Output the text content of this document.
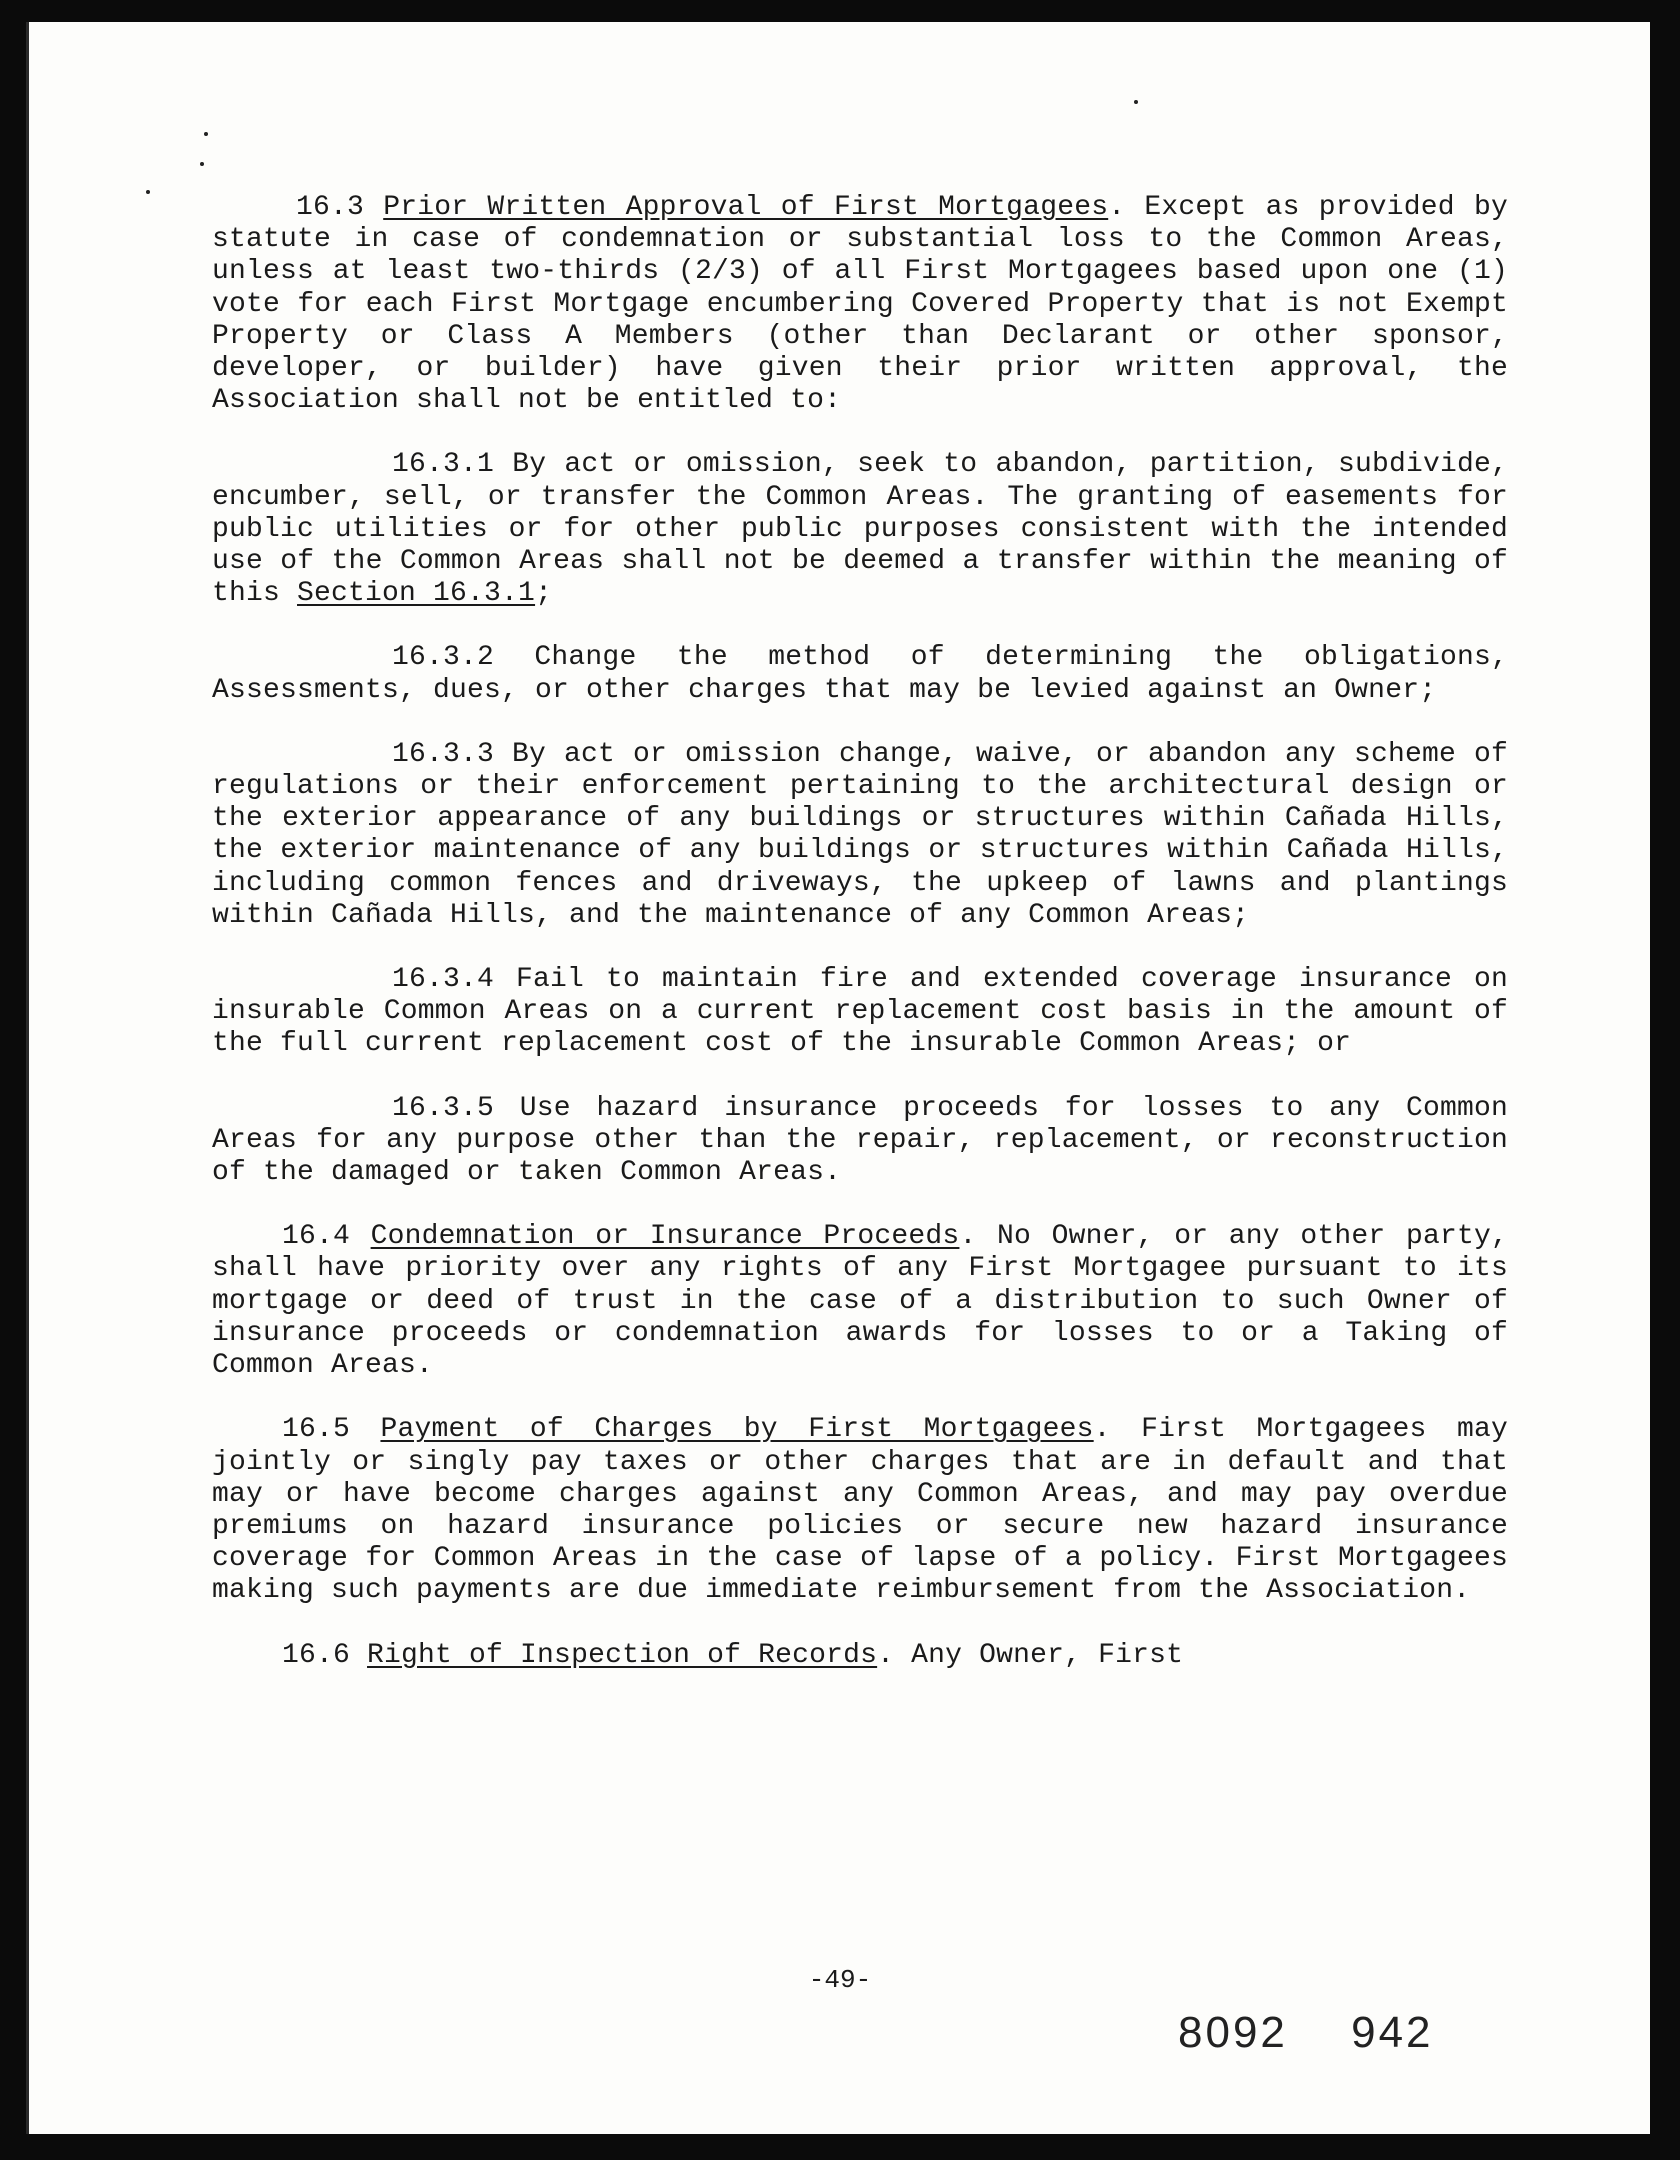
16.3 Prior Written Approval of First Mortgagees. Except as provided by statute in case of condemnation or substantial loss to the Common Areas, unless at least two-thirds (2/3) of all First Mortgagees based upon one (1) vote for each First Mortgage encumbering Covered Property that is not Exempt Property or Class A Members (other than Declarant or other sponsor, developer, or builder) have given their prior written approval, the Association shall not be entitled to:

16.3.1 By act or omission, seek to abandon, partition, subdivide, encumber, sell, or transfer the Common Areas. The granting of easements for public utilities or for other public purposes consistent with the intended use of the Common Areas shall not be deemed a transfer within the meaning of this Section 16.3.1;

16.3.2 Change the method of determining the obligations, Assessments, dues, or other charges that may be levied against an Owner;

16.3.3 By act or omission change, waive, or abandon any scheme of regulations or their enforcement pertaining to the architectural design or the exterior appearance of any buildings or structures within Cañada Hills, the exterior maintenance of any buildings or structures within Cañada Hills, including common fences and driveways, the upkeep of lawns and plantings within Cañada Hills, and the maintenance of any Common Areas;

16.3.4 Fail to maintain fire and extended coverage insurance on insurable Common Areas on a current replacement cost basis in the amount of the full current replacement cost of the insurable Common Areas; or

16.3.5 Use hazard insurance proceeds for losses to any Common Areas for any purpose other than the repair, replacement, or reconstruction of the damaged or taken Common Areas.

16.4 Condemnation or Insurance Proceeds. No Owner, or any other party, shall have priority over any rights of any First Mortgagee pursuant to its mortgage or deed of trust in the case of a distribution to such Owner of insurance proceeds or condemnation awards for losses to or a Taking of Common Areas.

16.5 Payment of Charges by First Mortgagees. First Mortgagees may jointly or singly pay taxes or other charges that are in default and that may or have become charges against any Common Areas, and may pay overdue premiums on hazard insurance policies or secure new hazard insurance coverage for Common Areas in the case of lapse of a policy. First Mortgagees making such payments are due immediate reimbursement from the Association.

16.6 Right of Inspection of Records. Any Owner, First

-49-
8092 942
